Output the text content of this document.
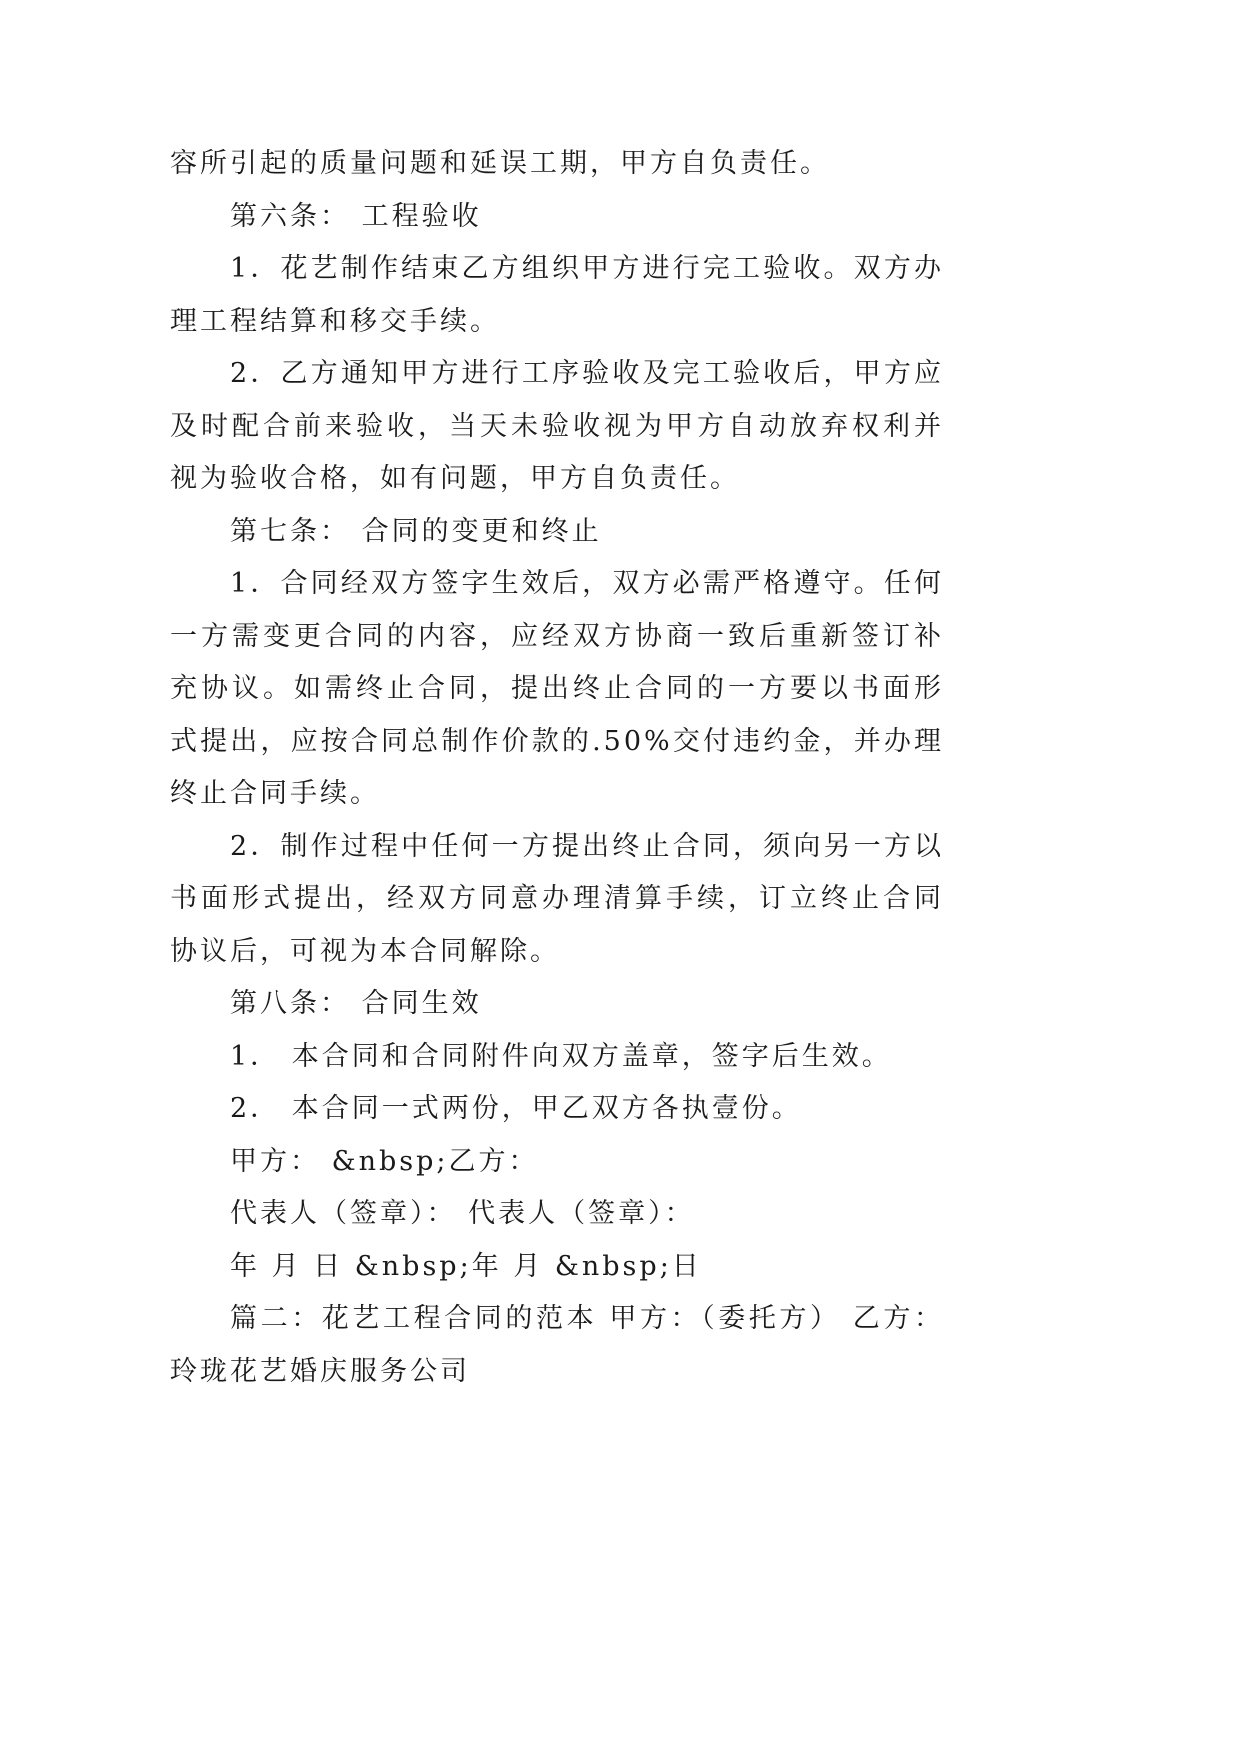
容所引起的质量问题和延误工期，甲方自负责任。

第六条： 工程验收

1．花艺制作结束乙方组织甲方进行完工验收。双方办理工程结算和移交手续。

2．乙方通知甲方进行工序验收及完工验收后，甲方应及时配合前来验收，当天未验收视为甲方自动放弃权利并视为验收合格，如有问题，甲方自负责任。

第七条： 合同的变更和终止

1．合同经双方签字生效后，双方必需严格遵守。任何一方需变更合同的内容，应经双方协商一致后重新签订补充协议。如需终止合同，提出终止合同的一方要以书面形式提出，应按合同总制作价款的.50%交付违约金，并办理终止合同手续。

2．制作过程中任何一方提出终止合同，须向另一方以书面形式提出，经双方同意办理清算手续，订立终止合同协议后，可视为本合同解除。

第八条： 合同生效

1． 本合同和合同附件向双方盖章，签字后生效。

2． 本合同一式两份，甲乙双方各执壹份。

甲方： &nbsp;乙方：

代表人（签章）： 代表人（签章）：

年 月 日 &nbsp;年 月 &nbsp;日

篇二：花艺工程合同的范本 甲方：（委托方） 乙方：玲珑花艺婚庆服务公司
